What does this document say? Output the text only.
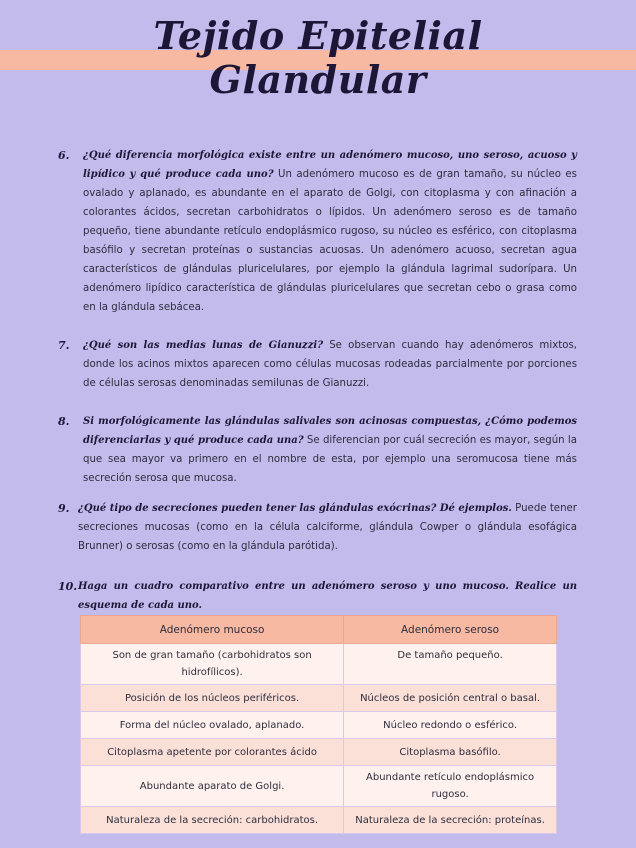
Tejido Epitelial
Glandular
6. ¿Qué diferencia morfológica existe entre un adenómero mucoso, uno seroso, acuoso y lipídico y qué produce cada uno? Un adenómero mucoso es de gran tamaño, su núcleo es ovalado y aplanado, es abundante en el aparato de Golgi, con citoplasma y con afinación a colorantes ácidos, secretan carbohidratos o lípidos. Un adenómero seroso es de tamaño pequeño, tiene abundante retículo endoplásmico rugoso, su núcleo es esférico, con citoplasma basófilo y secretan proteínas o sustancias acuosas. Un adenómero acuoso, secretan agua característicos de glándulas pluricelulares, por ejemplo la glándula lagrimal sudorípara. Un adenómero lipídico característica de glándulas pluricelulares que secretan cebo o grasa como en la glándula sebácea.
7. ¿Qué son las medias lunas de Gianuzzi? Se observan cuando hay adenómeros mixtos, donde los acinos mixtos aparecen como células mucosas rodeadas parcialmente por porciones de células serosas denominadas semilunas de Gianuzzi.
8. Si morfológicamente las glándulas salivales son acinosas compuestas, ¿Cómo podemos diferenciarlas y qué produce cada una? Se diferencian por cuál secreción es mayor, según la que sea mayor va primero en el nombre de esta, por ejemplo una seromucosa tiene más secreción serosa que mucosa.
9. ¿Qué tipo de secreciones pueden tener las glándulas exócrinas? Dé ejemplos. Puede tener secreciones mucosas (como en la célula calciforme, glándula Cowper o glándula esofágica Brunner) o serosas (como en la glándula parótida).
10. Haga un cuadro comparativo entre un adenómero seroso y uno mucoso. Realice un esquema de cada uno.
Adenómero mucoso	Adenómero seroso
Son de gran tamaño (carbohidratos son hidrofílicos).	De tamaño pequeño.
Posición de los núcleos periféricos.	Núcleos de posición central o basal.
Forma del núcleo ovalado, aplanado.	Núcleo redondo o esférico.
Citoplasma apetente por colorantes ácido	Citoplasma basófilo.
Abundante aparato de Golgi.	Abundante retículo endoplásmico rugoso.
Naturaleza de la secreción: carbohidratos.	Naturaleza de la secreción: proteínas.
